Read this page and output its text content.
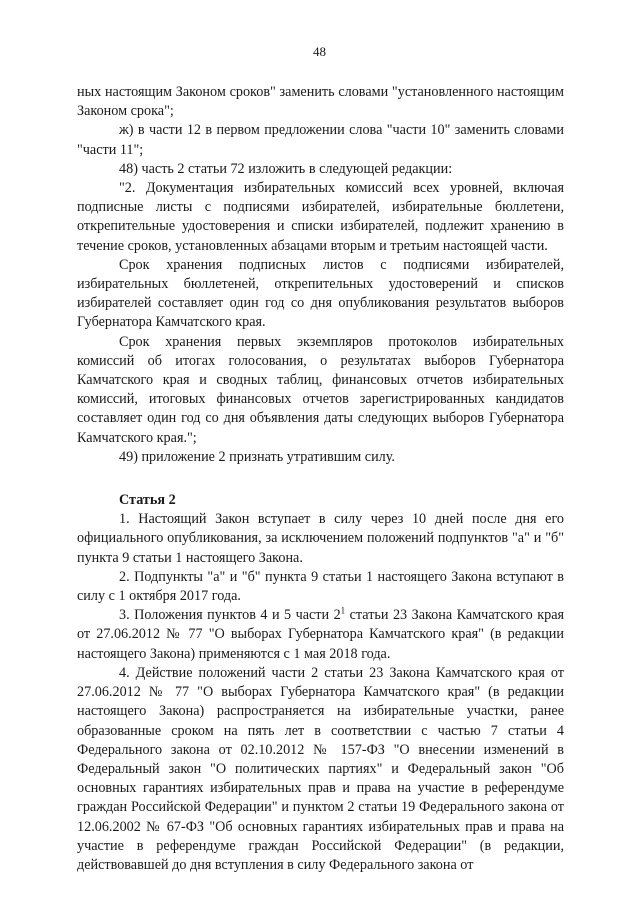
48

ных настоящим Законом сроков" заменить словами "установленного настоящим Законом срока";

ж) в части 12 в первом предложении слова "части 10" заменить словами "части 11";

48) часть 2 статьи 72 изложить в следующей редакции:

"2. Документация избирательных комиссий всех уровней, включая подписные листы с подписями избирателей, избирательные бюллетени, открепительные удостоверения и списки избирателей, подлежит хранению в течение сроков, установленных абзацами вторым и третьим настоящей части.

Срок хранения подписных листов с подписями избирателей, избирательных бюллетеней, открепительных удостоверений и списков избирателей составляет один год со дня опубликования результатов выборов Губернатора Камчатского края.

Срок хранения первых экземпляров протоколов избирательных комиссий об итогах голосования, о результатах выборов Губернатора Камчатского края и сводных таблиц, финансовых отчетов избирательных комиссий, итоговых финансовых отчетов зарегистрированных кандидатов составляет один год со дня объявления даты следующих выборов Губернатора Камчатского края.";

49) приложение 2 признать утратившим силу.

Статья 2

1. Настоящий Закон вступает в силу через 10 дней после дня его официального опубликования, за исключением положений подпунктов "а" и "б" пункта 9 статьи 1 настоящего Закона.

2. Подпункты "а" и "б" пункта 9 статьи 1 настоящего Закона вступают в силу с 1 октября 2017 года.

3. Положения пунктов 4 и 5 части $2^1$ статьи 23 Закона Камчатского края от 27.06.2012 № 77 "О выборах Губернатора Камчатского края" (в редакции настоящего Закона) применяются с 1 мая 2018 года.

4. Действие положений части 2 статьи 23 Закона Камчатского края от 27.06.2012 № 77 "О выборах Губернатора Камчатского края" (в редакции настоящего Закона) распространяется на избирательные участки, ранее образованные сроком на пять лет в соответствии с частью 7 статьи 4 Федерального закона от 02.10.2012 № 157-ФЗ "О внесении изменений в Федеральный закон "О политических партиях" и Федеральный закон "Об основных гарантиях избирательных прав и права на участие в референдуме граждан Российской Федерации" и пунктом 2 статьи 19 Федерального закона от 12.06.2002 № 67-ФЗ "Об основных гарантиях избирательных прав и права на участие в референдуме граждан Российской Федерации" (в редакции, действовавшей до дня вступления в силу Федерального закона от
